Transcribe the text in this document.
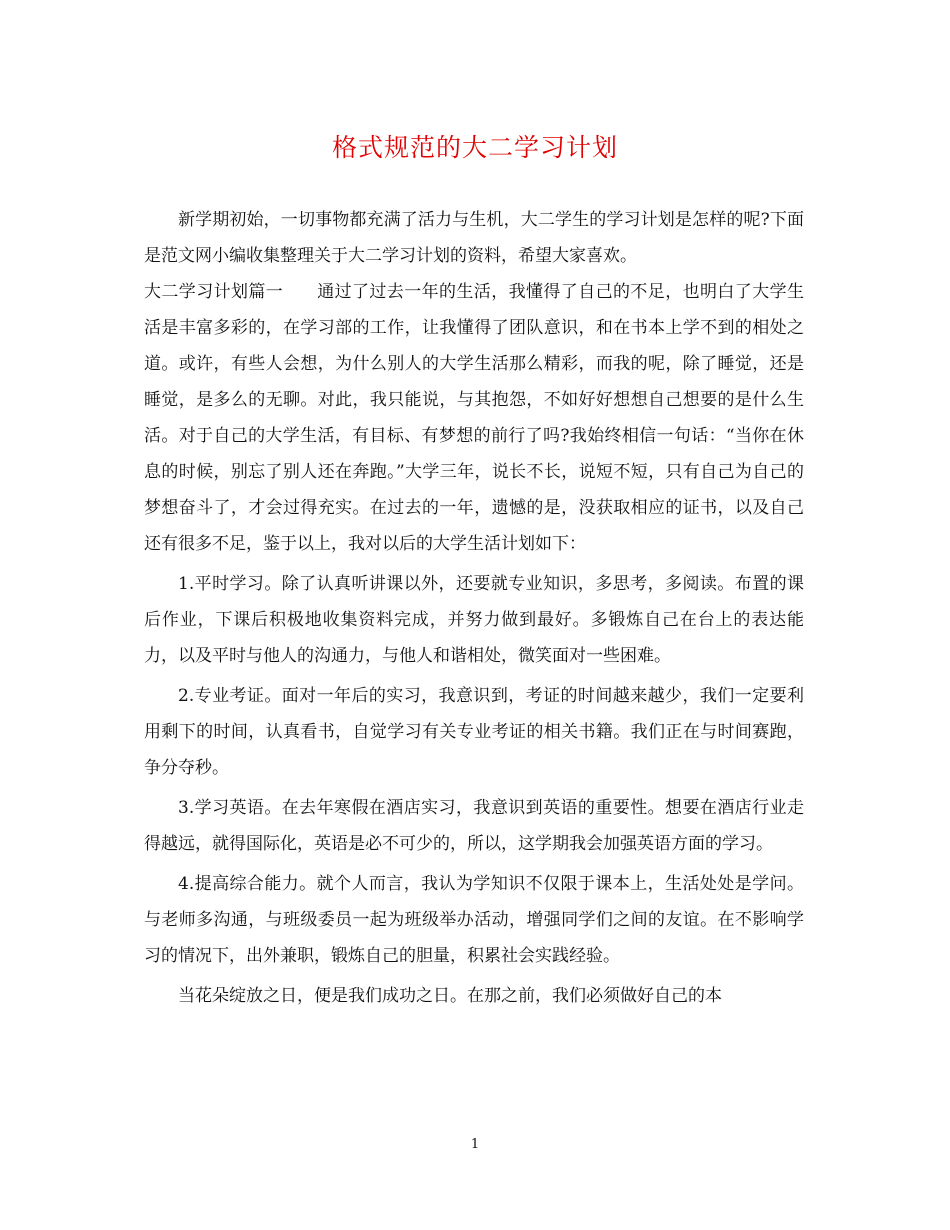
格式规范的大二学习计划

新学期初始，一切事物都充满了活力与生机，大二学生的学习计划是怎样的呢?下面是范文网小编收集整理关于大二学习计划的资料，希望大家喜欢。

大二学习计划篇一 通过了过去一年的生活，我懂得了自己的不足，也明白了大学生活是丰富多彩的，在学习部的工作，让我懂得了团队意识，和在书本上学不到的相处之道。或许，有些人会想，为什么别人的大学生活那么精彩，而我的呢，除了睡觉，还是睡觉，是多么的无聊。对此，我只能说，与其抱怨，不如好好想想自己想要的是什么生活。对于自己的大学生活，有目标、有梦想的前行了吗?我始终相信一句话：“当你在休息的时候，别忘了别人还在奔跑。”大学三年，说长不长，说短不短，只有自己为自己的梦想奋斗了，才会过得充实。在过去的一年，遗憾的是，没获取相应的证书，以及自己还有很多不足，鉴于以上，我对以后的大学生活计划如下：

1.平时学习。除了认真听讲课以外，还要就专业知识，多思考，多阅读。布置的课后作业，下课后积极地收集资料完成，并努力做到最好。多锻炼自己在台上的表达能力，以及平时与他人的沟通力，与他人和谐相处，微笑面对一些困难。

2.专业考证。面对一年后的实习，我意识到，考证的时间越来越少，我们一定要利用剩下的时间，认真看书，自觉学习有关专业考证的相关书籍。我们正在与时间赛跑，争分夺秒。

3.学习英语。在去年寒假在酒店实习，我意识到英语的重要性。想要在酒店行业走得越远，就得国际化，英语是必不可少的，所以，这学期我会加强英语方面的学习。

4.提高综合能力。就个人而言，我认为学知识不仅限于课本上，生活处处是学问。与老师多沟通，与班级委员一起为班级举办活动，增强同学们之间的友谊。在不影响学习的情况下，出外兼职，锻炼自己的胆量，积累社会实践经验。

当花朵绽放之日，便是我们成功之日。在那之前，我们必须做好自己的本

1
